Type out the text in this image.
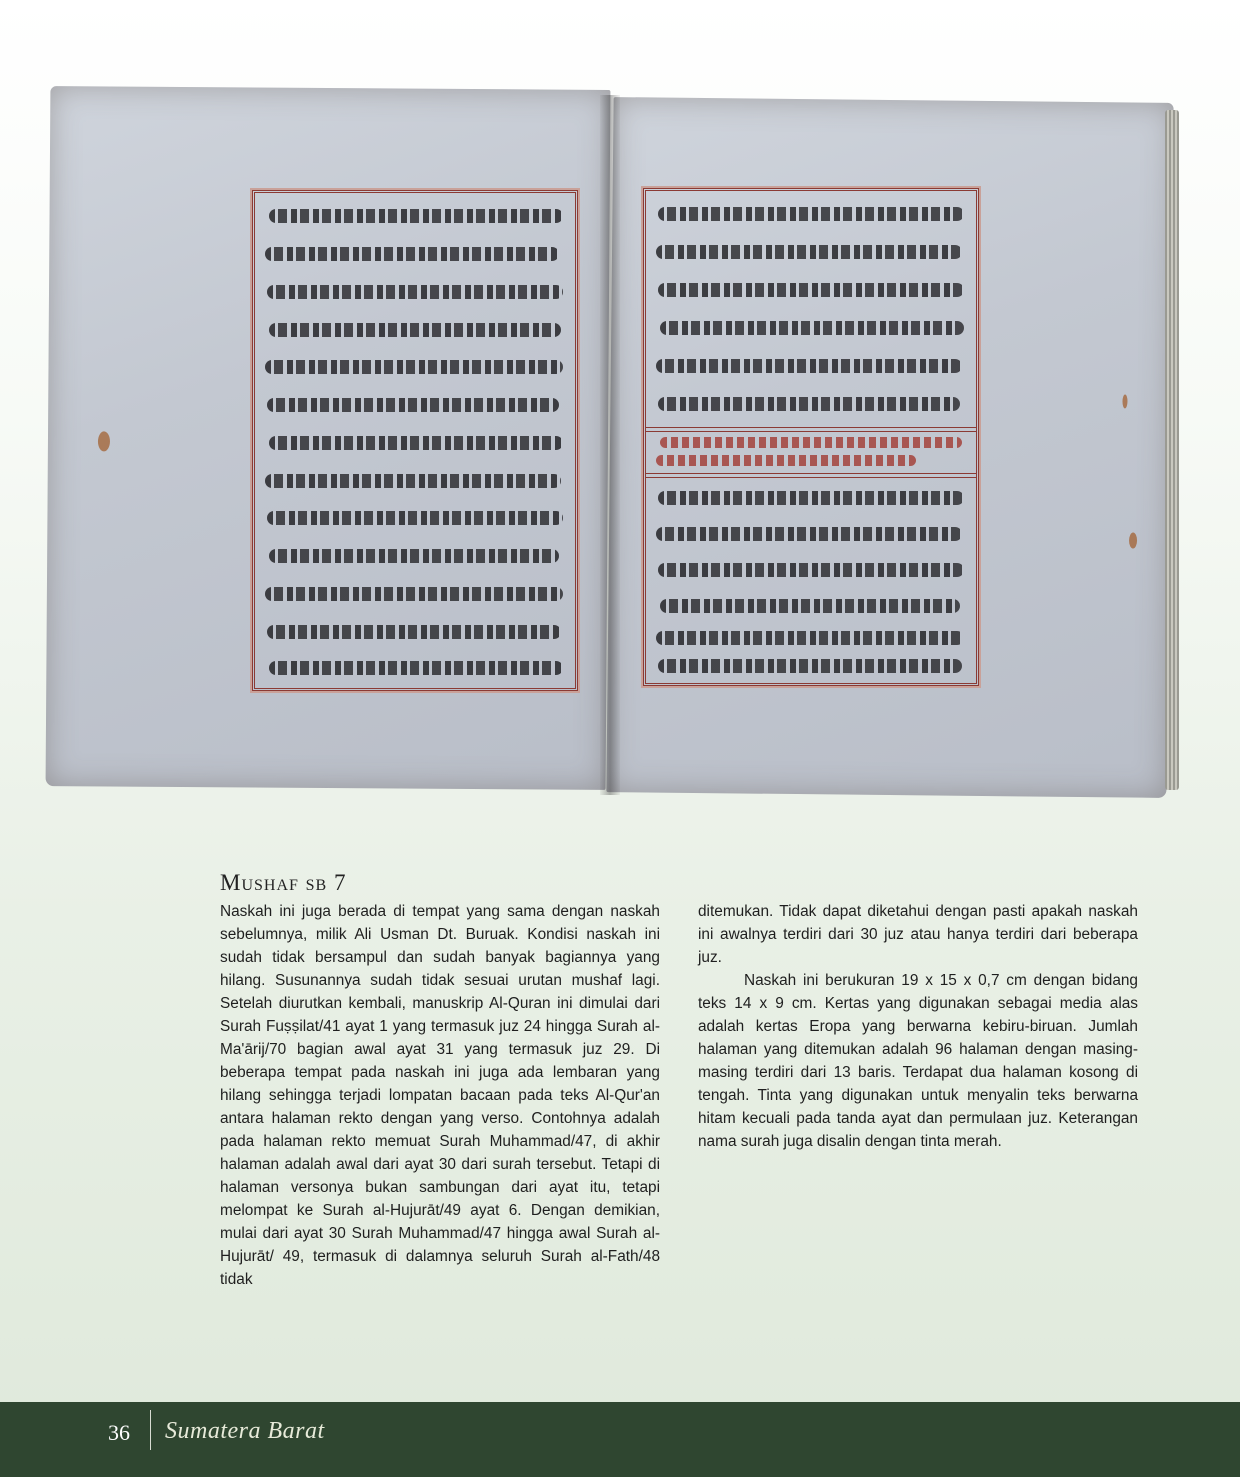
Mushaf sb 7

Naskah ini juga berada di tempat yang sama dengan naskah sebelumnya, milik Ali Usman Dt. Buruak. Kondisi naskah ini sudah tidak bersampul dan sudah banyak bagiannya yang hilang. Susunannya sudah tidak sesuai urutan mushaf lagi. Setelah diurutkan kembali, manuskrip Al-Quran ini dimulai dari Surah Fuṣṣilat/41 ayat 1 yang termasuk juz 24 hingga Surah al-Ma'ārij/70 bagian awal ayat 31 yang termasuk juz 29. Di beberapa tempat pada naskah ini juga ada lembaran yang hilang sehingga terjadi lompatan bacaan pada teks Al-Qur'an antara halaman rekto dengan yang verso. Contohnya adalah pada halaman rekto memuat Surah Muhammad/47, di akhir halaman adalah awal dari ayat 30 dari surah tersebut. Tetapi di halaman versonya bukan sambungan dari ayat itu, tetapi melompat ke Surah al-Hujurāt/49 ayat 6. Dengan demikian, mulai dari ayat 30 Surah Muhammad/47 hingga awal Surah al-Hujurāt/ 49, termasuk di dalamnya seluruh Surah al-Fath/48 tidak

ditemukan. Tidak dapat diketahui dengan pasti apakah naskah ini awalnya terdiri dari 30 juz atau hanya terdiri dari beberapa juz.

Naskah ini berukuran 19 x 15 x 0,7 cm dengan bidang teks 14 x 9 cm. Kertas yang digunakan sebagai media alas adalah kertas Eropa yang berwarna kebiru-biruan. Jumlah halaman yang ditemukan adalah 96 halaman dengan masing-masing terdiri dari 13 baris. Terdapat dua halaman kosong di tengah. Tinta yang digunakan untuk menyalin teks berwarna hitam kecuali pada tanda ayat dan permulaan juz. Keterangan nama surah juga disalin dengan tinta merah.

36 Sumatera Barat
